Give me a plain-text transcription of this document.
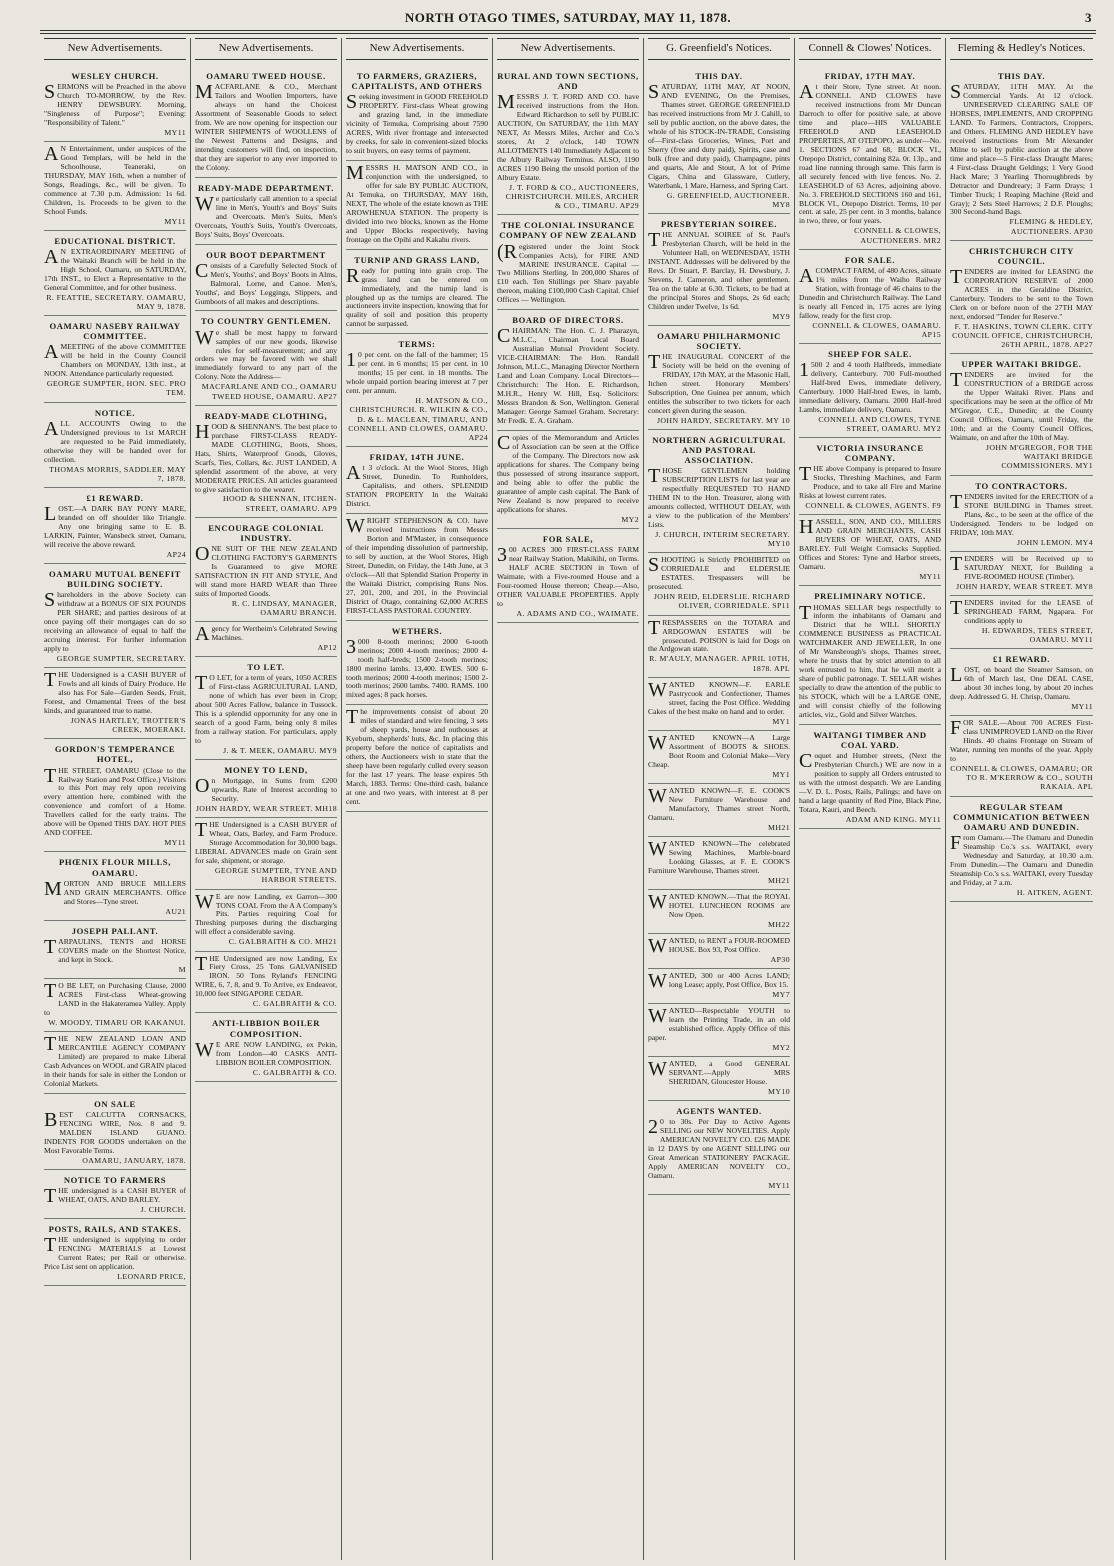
NORTH OTAGO TIMES, SATURDAY, MAY 11, 1878.	3
New Advertisements.
WESLEY CHURCH.
SERMONS will be Preached in the above Church TO-MORROW, by the Rev. HENRY DEWSBURY. Morning, "Singleness of Purpose"; Evening: "Responsibility of Talent."
MY11
AN Entertainment, under auspices of the Good Templars, will be held in the Schoolhouse, Teaneraki, on THURSDAY, MAY 16th, when a number of Songs, Readings, &c., will be given. To commence at 7.30 p.m. Admission: 1s 6d. Children, 1s. Proceeds to be given to the School Funds.
MY11
EDUCATIONAL DISTRICT.
AN EXTRAORDINARY MEETING of the Waitaki Branch will be held in the High School, Oamaru, on SATURDAY, 17th INST., to Elect a Representative to the General Committee, and for other business.
R. FEATTIE, SECRETARY. OAMARU, MAY 9, 1878.
OAMARU NASEBY RAILWAY COMMITTEE.
AMEETING of the above COMMITTEE will be held in the County Council Chambers on MONDAY, 13th inst., at NOON. Attendance particularly requested.
GEORGE SUMPTER, HON. SEC. PRO TEM.
NOTICE.
ALL ACCOUNTS Owing to the Undersigned previous to 1st MARCH are requested to be Paid immediately, otherwise they will be handed over for collection.
THOMAS MORRIS, SADDLER. MAY 7, 1878.
£1 REWARD.
LOST.—A DARK BAY PONY MARE, branded on off shoulder like Triangle. Any one bringing same to E. B. LARKIN, Painter, Wansbeck street, Oamaru, will receive the above reward.
AP24
OAMARU MUTUAL BENEFIT BUILDING SOCIETY.
Shareholders in the above Society can withdraw at a BONUS OF SIX POUNDS PER SHARE; and parties desirous of at once paying off their mortgages can do so receiving an allowance of equal to half the accruing interest. For further information apply to
GEORGE SUMPTER, SECRETARY.
THE Undersigned is a CASH BUYER of Fowls and all kinds of Dairy Produce. He also has For Sale—Garden Seeds, Fruit, Forest, and Ornamental Trees of the best kinds, and guaranteed true to name.
JONAS HARTLEY, TROTTER'S CREEK, MOERAKI.
GORDON'S TEMPERANCE HOTEL,
THE STREET, OAMARU (Close to the Railway Station and Post Office.) Visitors to this Port may rely upon receiving every attention here, combined with the convenience and comfort of a Home. Travellers called for the early trains. The above will be Opened THIS DAY. HOT PIES AND COFFEE.
MY11
PHŒNIX FLOUR MILLS, OAMARU.
MORTON AND BRUCE MILLERS AND GRAIN MERCHANTS. Office and Stores—Tyne street.
AU21
JOSEPH PALLANT.
TARPAULINS, TENTS and HORSE COVERS made on the Shortest Notice, and kept in Stock.
M
TO BE LET, on Purchasing Clause, 2000 ACRES First-class Wheat-growing LAND in the Hakateramea Valley. Apply to
W. MOODY, TIMARU OR KAKANUI.
THE NEW ZEALAND LOAN AND MERCANTILE AGENCY COMPANY Limited) are prepared to make Liberal Cash Advances on WOOL and GRAIN placed in their hands for sale in either the London or Colonial Markets.
ON SALE
BEST CALCUTTA CORNSACKS, FENCING WIRE, Nos. 8 and 9. MALDEN ISLAND GUANO. INDENTS FOR GOODS undertaken on the Most Favorable Terms.
OAMARU, JANUARY, 1878.
NOTICE TO FARMERS
THE undersigned is a CASH BUYER of WHEAT, OATS, AND BARLEY.
J. CHURCH.
POSTS, RAILS, AND STAKES.
THE undersigned is supplying to order FENCING MATERIALS at Lowest Current Rates; per Rail or otherwise. Price List sent on application.
LEONARD PRICE,
New Advertisements.
OAMARU TWEED HOUSE.
MACFARLANE & CO., Merchant Tailors and Woollen Importers, have always on hand the Choicest Assortment of Seasonable Goods to select from. We are now opening for inspection our WINTER SHIPMENTS of WOOLLENS of the Newest Patterns and Designs, and intending customers will find, on inspection, that they are superior to any ever imported to the Colony.
READY-MADE DEPARTMENT.
We particularly call attention to a special line in Men's, Youth's and Boys' Suits and Overcoats. Men's Suits, Men's Overcoats, Youth's Suits, Youth's Overcoats, Boys' Suits, Boys' Overcoats.
OUR BOOT DEPARTMENT
Consists of a Carefully Selected Stock of Men's, Youths', and Boys' Boots in Alms, Balmoral, Lorne, and Canoe. Men's, Youths', and Boys' Leggings, Slippers, and Gumboots of all makes and descriptions.
TO COUNTRY GENTLEMEN.
We shall be most happy to forward samples of our new goods, likewise rules for self-measurement; and any orders we may be favored with we shall immediately forward to any part of the Colony. Note the Address—
MACFARLANE AND CO., OAMARU TWEED HOUSE, OAMARU. AP27
READY-MADE CLOTHING,
HOOD & SHENNAN'S. The best place to purchase FIRST-CLASS READY-MADE CLOTHING, Boots, Shoes, Hats, Shirts, Waterproof Goods, Gloves, Scarfs, Ties, Collars, &c. JUST LANDED, A splendid assortment of the above, at very MODERATE PRICES. All articles guaranteed to give satisfaction to the wearer.
HOOD & SHENNAN, ITCHEN-STREET, OAMARU. AP9
ENCOURAGE COLONIAL INDUSTRY.
ONE SUIT OF THE NEW ZEALAND CLOTHING FACTORY'S GARMENTS Is Guaranteed to give MORE SATISFACTION IN FIT AND STYLE, And will stand more HARD WEAR than Three suits of Imported Goods.
R. C. LINDSAY, MANAGER, OAMARU BRANCH.
Agency for Wertheim's Celebrated Sewing Machines.
AP12
TO LET.
TO LET, for a term of years, 1050 ACRES of First-class AGRICULTURAL LAND, none of which has ever been in Crop; about 500 Acres Fallow, balance in Tussock. This is a splendid opportunity for any one in search of a good Farm, being only 8 miles from a railway station. For particulars, apply to
J. & T. MEEK, OAMARU. MY9
MONEY TO LEND,
On Mortgage, in Sums from £200 upwards, Rate of Interest according to Security.
JOHN HARDY, WEAR STREET. MH18
THE Undersigned is a CASH BUYER of Wheat, Oats, Barley, and Farm Produce. Storage Accommodation for 30,000 bags. LIBERAL ADVANCES made on Grain sent for sale, shipment, or storage.
GEORGE SUMPTER, TYNE AND HARBOR STREETS.
WE are now Landing, ex Garron—300 TONS COAL From the A A Company's Pits. Parties requiring Coal for Threshing purposes during the discharging will effect a considerable saving.
C. GALBRAITH & CO. MH21
THE Undersigned are now Landing, Ex Fiery Cross, 25 Tons GALVANISED IRON. 50 Tons Ryland's FENCING WIRE, 6, 7, 8, and 9. To Arrive, ex Endeavor, 10,000 feet SINGAPORE CEDAR.
C. GALBRAITH & CO.
ANTI-LIBBION BOILER COMPOSITION.
WE ARE NOW LANDING, ex Pekin, from London—40 CASKS ANTI-LIBBION BOILER COMPOSITION.
C. GALBRAITH & CO.
New Advertisements.
TO FARMERS, GRAZIERS, CAPITALISTS, AND OTHERS
Seeking investment in GOOD FREEHOLD PROPERTY. First-class Wheat growing and grazing land, in the immediate vicinity of Temuka, Comprising about 7590 ACRES, With river frontage and intersected by creeks, for sale in convenient-sized blocks to suit buyers, on easy terms of payment.
MESSRS H. MATSON AND CO., in conjunction with the undersigned, to offer for sale BY PUBLIC AUCTION, At Temuka, on THURSDAY, MAY 16th, NEXT, The whole of the estate known as THE AROWHENUA STATION. The property is divided into two blocks, known as the Home and Upper Blocks respectively, having frontage on the Opihi and Kakahu rivers.
TURNIP AND GRASS LAND,
Ready for putting into grain crop. The grass land can be entered on immediately, and the turnip land is ploughed up as the turnips are cleared. The auctioneers invite inspection, knowing that for quality of soil and position this property cannot be surpassed.
TERMS:
10 per cent. on the fall of the hammer; 15 per cent. in 6 months; 15 per cent. in 10 months; 15 per cent. in 18 months. The whole unpaid portion bearing interest at 7 per cent. per annum.
H. MATSON & CO., CHRISTCHURCH. R. WILKIN & CO., D. & L. MACLEAN, TIMARU, AND CONNELL AND CLOWES, OAMARU. AP24
FRIDAY, 14TH JUNE.
At 3 o'clock. At the Wool Stores, High Street, Dunedin. To Runholders, Capitalists, and others. SPLENDID STATION PROPERTY In the Waitaki District.
WRIGHT STEPHENSON & CO. have received instructions from Messrs Borton and M'Master, in consequence of their impending dissolution of partnership, to sell by auction, at the Wool Stores, High Street, Dunedin, on Friday, the 14th June, at 3 o'clock—All that Splendid Station Property in the Waitaki District, comprising Runs Nos. 27, 201, 200, and 201, in the Provincial District of Otago, containing 62,000 ACRES FIRST-CLASS PASTORAL COUNTRY.
WETHERS.
3000 8-tooth merinos; 2000 6-tooth merinos; 2000 4-tooth merinos; 2000 4-tooth half-breds; 1500 2-tooth merinos; 1800 merino lambs. 13,400. EWES. 500 6-tooth merinos; 2000 4-tooth merinos; 1500 2-tooth merinos; 2600 lambs. 7400. RAMS. 100 mixed ages; 8 pack horses.
The improvements consist of about 20 miles of standard and wire fencing, 3 sets of sheep yards, house and outhouses at Kyeburn, shepherds' huts, &c. In placing this property before the notice of capitalists and others, the Auctioneers wish to state that the sheep have been regularly culled every season for the last 17 years. The lease expires 5th March, 1883. Terms: One-third cash, balance at one and two years, with interest at 8 per cent.
New Advertisements.
RURAL AND TOWN SECTIONS, AND
MESSRS J. T. FORD AND CO. have received instructions from the Hon. Edward Richardson to sell by PUBLIC AUCTION, On SATURDAY, the 11th MAY NEXT, At Messrs Miles, Archer and Co.'s stores, At 2 o'clock, 140 TOWN ALLOTMENTS 140 Immediately Adjacent to the Albury Railway Terminus. ALSO, 1190 ACRES 1190 Being the unsold portion of the Albury Estate.
J. T. FORD & CO., AUCTIONEERS, CHRISTCHURCH. MILES, ARCHER & CO., TIMARU. AP29
THE COLONIAL INSURANCE COMPANY OF NEW ZEALAND
(Registered under the Joint Stock Companies Acts), for FIRE AND MARINE INSURANCE. Capital — Two Millions Sterling. In 200,000 Shares of £10 each. Ten Shillings per Share payable thereon, making £100,000 Cash Capital. Chief Offices — Wellington.
BOARD OF DIRECTORS.
CHAIRMAN: The Hon. C. J. Pharazyn, M.L.C., Chairman Local Board Australian Mutual Provident Society. VICE-CHAIRMAN: The Hon. Randall Johnson, M.L.C., Managing Director Northern Land and Loan Company. Local Directors—Christchurch: The Hon. E. Richardson, M.H.R., Henry W. Hill, Esq. Solicitors: Messrs Brandon & Son, Wellington. General Manager: George Samuel Graham. Secretary: Mr Fredk. E. A. Graham.
Copies of the Memorandum and Articles of Association can be seen at the Office of the Company. The Directors now ask applications for shares. The Company being thus possessed of strong insurance support, and being able to offer the public the guarantee of ample cash capital. The Bank of New Zealand is now prepared to receive applications for shares.
MY2
FOR SALE,
300 ACRES 300 FIRST-CLASS FARM near Railway Station, Makikihi, on Terms. HALF ACRE SECTION in Town of Waimate, with a Five-roomed House and a Four-roomed House thereon; Cheap.—Also, OTHER VALUABLE PROPERTIES. Apply to
A. ADAMS AND CO., WAIMATE.
G. Greenfield's Notices.
THIS DAY.
SATURDAY, 11TH MAY, AT NOON, AND EVENING, On the Premises, Thames street. GEORGE GREENFIELD has received instructions from Mr J. Cahill, to sell by public auction, on the above dates, the whole of his STOCK-IN-TRADE, Consisting of—First-class Groceries, Wines, Port and Sherry (free and duty paid), Spirits, case and bulk (free and duty paid), Champagne, pints and quarts, Ale and Stout, A lot of Prime Cigars, China and Glassware, Cutlery, Waterbank, 1 Mare, Harness, and Spring Cart.
G. GREENFIELD, AUCTIONEER. MY8
PRESBYTERIAN SOIREE.
THE ANNUAL SOIREE of St. Paul's Presbyterian Church, will be held in the Volunteer Hall, on WEDNESDAY, 15TH INSTANT. Addresses will be delivered by the Revs. Dr Stuart, P. Barclay, H. Dewsbury, J. Stevens, J. Cameron, and other gentlemen. Tea on the table at 6.30. Tickets, to be had at the principal Stores and Shops, 2s 6d each; Children under Twelve, 1s 6d.
MY9
OAMARU PHILHARMONIC SOCIETY.
THE INAUGURAL CONCERT of the Society will be held on the evening of FRIDAY, 17th MAY, at the Masonic Hall, Itchen street. Honorary Members' Subscription, One Guinea per annum, which entitles the subscriber to two tickets for each concert given during the season.
JOHN HARDY, SECRETARY. MY 10
NORTHERN AGRICULTURAL AND PASTORAL ASSOCIATION.
THOSE GENTLEMEN holding SUBSCRIPTION LISTS for last year are respectfully REQUESTED TO HAND THEM IN to the Hon. Treasurer, along with amounts collected, WITHOUT DELAY, with a view to the publication of the Members' Lists.
J. CHURCH, INTERIM SECRETARY. MY10
SHOOTING is Strictly PROHIBITED on CORRIEDALE and ELDERSLIE ESTATES. Trespassers will be prosecuted.
JOHN REID, ELDERSLIE. RICHARD OLIVER, CORRIEDALE. SP11
TRESPASSERS on the TOTARA and ARDGOWAN ESTATES will be prosecuted. POISON is laid for Dogs on the Ardgowan state.
R. M'AULY, MANAGER. APRIL 10TH, 1878. APL
WANTED KNOWN—F. EARLE Pastrycook and Confectioner, Thames street, facing the Post Office. Wedding Cakes of the best make on hand and to order.
MY1
WANTED KNOWN—A Large Assortment of BOOTS & SHOES. Boot Room and Colonial Make—Very Cheap.
MY1
WANTED KNOWN—F. E. COOK'S New Furniture Warehouse and Manufactory, Thames street North, Oamaru.
MH21
WANTED KNOWN—The celebrated Sewing Machines, Marble-board Looking Glasses, at F. E. COOK'S Furniture Warehouse, Thames street.
MH21
WANTED KNOWN.—That the ROYAL HOTEL LUNCHEON ROOMS are Now Open.
MH22
WANTED, to RENT a FOUR-ROOMED HOUSE. Box 93, Post Office.
AP30
WANTED, 300 or 400 Acres LAND; long Lease; apply, Post Office, Box 15.
MY7
WANTED—Respectable YOUTH to learn the Printing Trade, in an old established office. Apply Office of this paper.
MY2
WANTED, a Good GENERAL SERVANT.—Apply MRS SHERIDAN, Gloucester House.
MY10
AGENTS WANTED.
20 to 30s. Per Day to Active Agents SELLING our NEW NOVELTIES. Apply AMERICAN NOVELTY CO. £26 MADE in 12 DAYS by one AGENT SELLING our Great American STATIONERY PACKAGE. Apply AMERICAN NOVELTY CO., Oamaru.
MY11
Connell & Clowes' Notices.
FRIDAY, 17TH MAY.
At their Store, Tyne street. At noon. CONNELL AND CLOWES have received instructions from Mr Duncan Darroch to offer for positive sale, at above time and place—HIS VALUABLE FREEHOLD AND LEASEHOLD PROPERTIES, AT OTEPOPO, as under—No. 1. SECTIONS 67 and 68, BLOCK VI., Otepopo District, containing 82a. 0r. 13p., and road line running through same. This farm is all securely fenced with live fences. No. 2. LEASEHOLD of 63 Acres, adjoining above. No. 3. FREEHOLD SECTIONS 160 and 161, BLOCK VI., Otepopo District. Terms, 10 per cent. at sale, 25 per cent. in 3 months, balance in two, three, or four years.
CONNELL & CLOWES, AUCTIONEERS. MR2
FOR SALE.
ACOMPACT FARM, of 480 Acres, situate 1¾ miles from the Waiho Railway Station, with frontage of 46 chains to the Dunedin and Christchurch Railway. The Land is nearly all Fenced in, 175 acres are lying fallow, ready for the first crop.
CONNELL & CLOWES, OAMARU. AP15
SHEEP FOR SALE.
1500 2 and 4 tooth Halfbreds, immediate delivery, Canterbury. 700 Full-mouthed Half-bred Ewes, immediate delivery, Canterbury. 1000 Half-bred Ewes, in lamb, immediate delivery, Oamaru. 2000 Half-bred Lambs, immediate delivery, Oamaru.
CONNELL AND CLOWES, TYNE STREET, OAMARU. MY2
VICTORIA INSURANCE COMPANY.
THE above Company is prepared to Insure Stocks, Threshing Machines, and Farm Produce, and to take all Fire and Marine Risks at lowest current rates.
CONNELL & CLOWES, AGENTS. F9
HASSELL, SON, AND CO., MILLERS AND GRAIN MERCHANTS, CASH BUYERS OF WHEAT, OATS, AND BARLEY. Full Weight Cornsacks Supplied. Offices and Stores: Tyne and Harbor streets, Oamaru.
MY11
PRELIMINARY NOTICE.
THOMAS SELLAR begs respectfully to inform the inhabitants of Oamaru and District that he WILL SHORTLY COMMENCE BUSINESS as PRACTICAL WATCHMAKER AND JEWELLER, In one of Mr Wansbrough's shops, Thames street, where he trusts that by strict attention to all work entrusted to him, that he will merit a share of public patronage. T. SELLAR wishes specially to draw the attention of the public to his STOCK, which will be a LARGE ONE, and will consist chiefly of the following articles, viz., Gold and Silver Watches.
WAITANGI TIMBER AND COAL YARD.
Coquet and Humber streets, (Next the Presbyterian Church.) WE are now in a position to supply all Orders entrusted to us with the utmost despatch. We are Landing—V. D. L. Posts, Rails, Palings; and have on hand a large quantity of Red Pine, Black Pine, Totara, Kauri, and Beech.
ADAM AND KING. MY11
Fleming & Hedley's Notices.
THIS DAY.
SATURDAY, 11TH MAY. At the Commercial Yards. At 12 o'clock. UNRESERVED CLEARING SALE OF HORSES, IMPLEMENTS, AND CROPPING LAND. To Farmers, Contractors, Croppers, and Others. FLEMING AND HEDLEY have received instructions from Mr Alexander Milne to sell by public auction at the above time and place—5 First-class Draught Mares; 4 First-class Draught Geldings; 1 Very Good Hack Mare; 3 Yearling Thoroughbreds by Detractor and Dundreary; 3 Farm Drays; 1 Timber Truck; 1 Reaping Machine (Reid and Gray); 2 Sets Steel Harrows; 2 D.F. Ploughs; 300 Second-hand Bags.
FLEMING & HEDLEY, AUCTIONEERS. AP30
CHRISTCHURCH CITY COUNCIL.
TENDERS are invited for LEASING the CORPORATION RESERVE of 2000 ACRES in the Geraldine District, Canterbury. Tenders to be sent to the Town Clerk on or before noon of the 27TH MAY next, endorsed "Tender for Reserve."
F. T. HASKINS, TOWN CLERK. CITY COUNCIL OFFICE, CHRISTCHURCH, 26TH APRIL, 1878. AP27
UPPER WAITAKI BRIDGE.
TENDERS are invited for the CONSTRUCTION of a BRIDGE across the Upper Waitaki River. Plans and specifications may be seen at the office of Mr M'Gregor, C.E., Dunedin; at the County Council Offices, Oamaru, until Friday, the 10th; and at the County Council Offices, Waimate, on and after the 10th of May.
JOHN M'GREGOR, FOR THE WAITAKI BRIDGE COMMISSIONERS. MY1
TO CONTRACTORS.
TENDERS invited for the ERECTION of a STONE BUILDING in Thames street. Plans, &c., to be seen at the office of the Undersigned. Tenders to be lodged on FRIDAY, 10th MAY.
JOHN LEMON. MY4
TENDERS will be Received up to SATURDAY NEXT, for Building a FIVE-ROOMED HOUSE (Timber).
JOHN HARDY, WEAR STREET. MY8
TENDERS invited for the LEASE of SPRINGHEAD FARM, Ngapara. For conditions apply to
H. EDWARDS, TEES STREET, OAMARU. MY11
£1 REWARD.
LOST, on board the Steamer Samson, on 6th of March last, One DEAL CASE, about 30 inches long, by about 20 inches deep. Addressed G. H. Chrisp, Oamaru.
MY11
FOR SALE.—About 700 ACRES First-class UNIMPROVED LAND on the River Hinds. 40 chains Frontage on Stream of Water, running ten months of the year. Apply to
CONNELL & CLOWES, OAMARU; OR TO R. M'KERROW & CO., SOUTH RAKAIA. APL
REGULAR STEAM COMMUNICATION BETWEEN OAMARU AND DUNEDIN.
From Oamaru.—The Oamaru and Dunedin Steamship Co.'s s.s. WAITAKI, every Wednesday and Saturday, at 10.30 a.m. From Dunedin.—The Oamaru and Dunedin Steamship Co.'s s.s. WAITAKI, every Tuesday and Friday, at 7 a.m.
H. AITKEN, AGENT.
